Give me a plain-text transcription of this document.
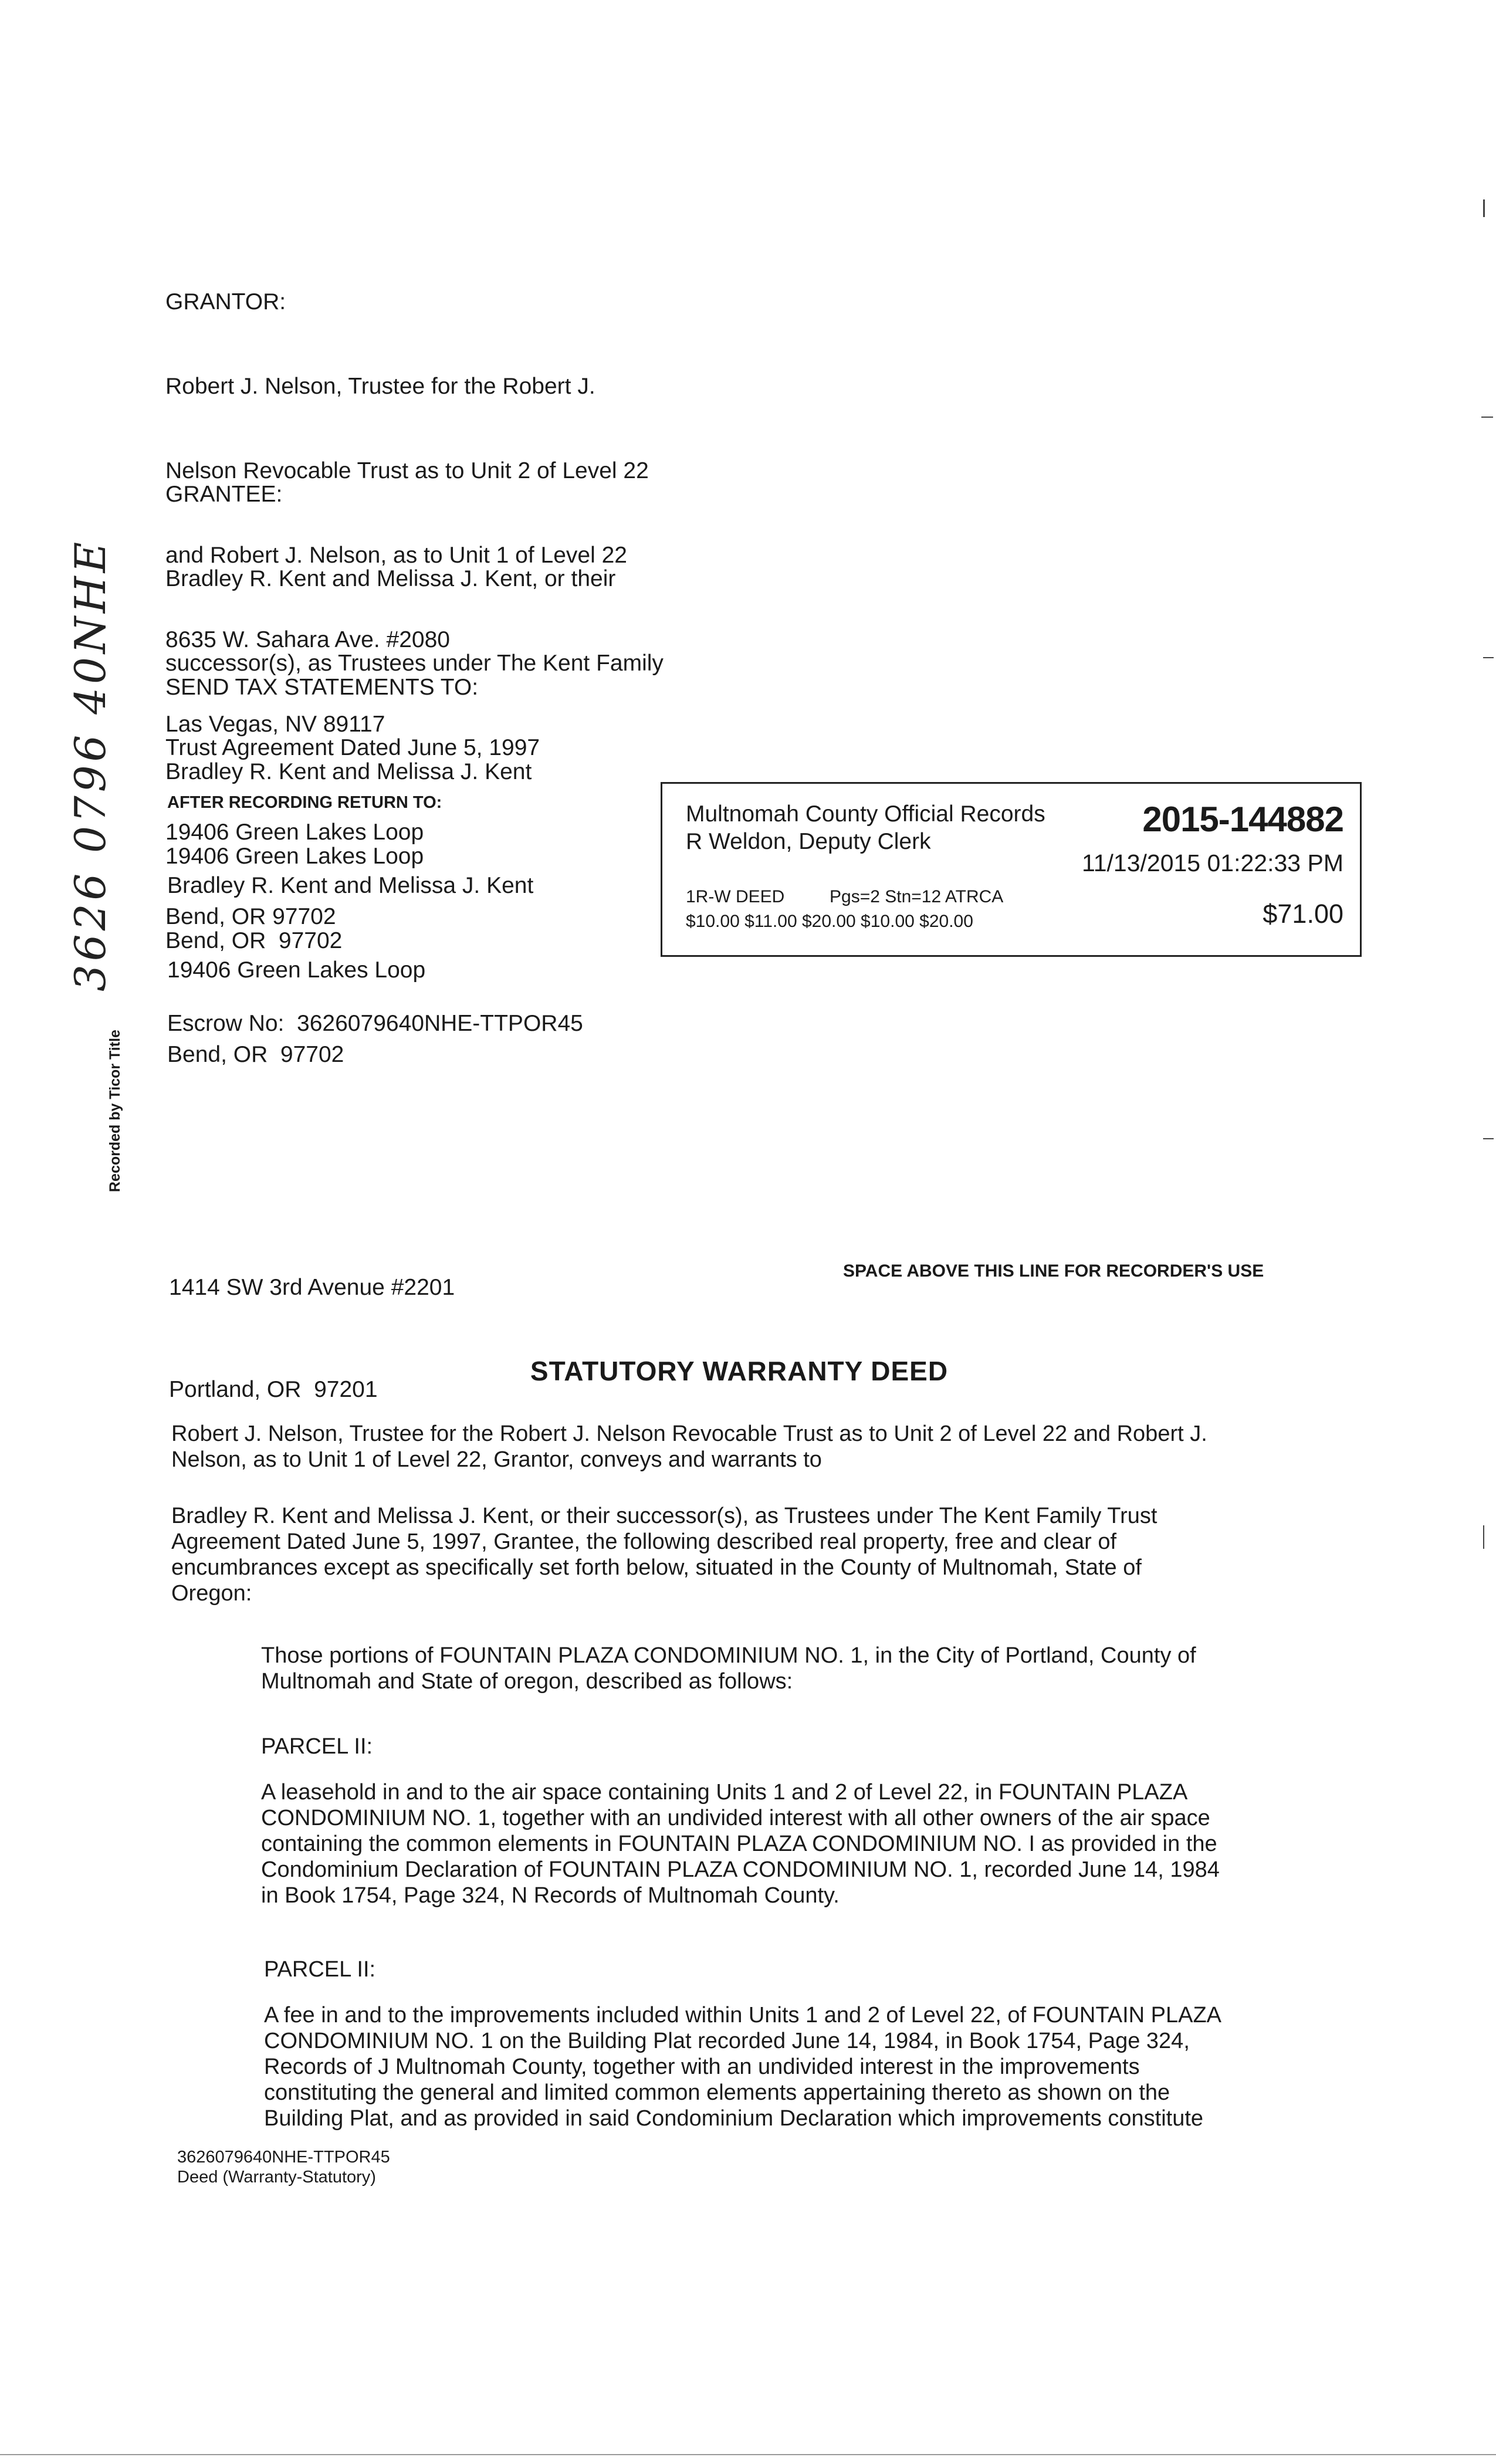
GRANTOR:

Robert J. Nelson, Trustee for the Robert J.

Nelson Revocable Trust as to Unit 2 of Level 22

and Robert J. Nelson, as to Unit 1 of Level 22

8635 W. Sahara Ave. #2080

Las Vegas, NV 89117

GRANTEE:

Bradley R. Kent and Melissa J. Kent, or their

successor(s), as Trustees under The Kent Family

Trust Agreement Dated June 5, 1997

19406 Green Lakes Loop

Bend, OR 97702

SEND TAX STATEMENTS TO:

Bradley R. Kent and Melissa J. Kent

19406 Green Lakes Loop

Bend, OR  97702

AFTER RECORDING RETURN TO:

Bradley R. Kent and Melissa J. Kent

19406 Green Lakes Loop

Bend, OR  97702

Multnomah County Official Records
R Weldon, Deputy Clerk
2015-144882
11/13/2015 01:22:33 PM
1R-W DEED	Pgs=2 Stn=12 ATRCA
$10.00 $11.00 $20.00 $10.00 $20.00	$71.00
Escrow No:  3626079640NHE-TTPOR45

1414 SW 3rd Avenue #2201

Portland, OR  97201

SPACE ABOVE THIS LINE FOR RECORDER'S USE
3626 0796 40NHE
Recorded by Ticor Title
STATUTORY WARRANTY DEED
Robert J. Nelson, Trustee for the Robert J. Nelson Revocable Trust as to Unit 2 of Level 22 and Robert J.
Nelson, as to Unit 1 of Level 22, Grantor, conveys and warrants to
Bradley R. Kent and Melissa J. Kent, or their successor(s), as Trustees under The Kent Family Trust
Agreement Dated June 5, 1997, Grantee, the following described real property, free and clear of
encumbrances except as specifically set forth below, situated in the County of Multnomah, State of
Oregon:
Those portions of FOUNTAIN PLAZA CONDOMINIUM NO. 1, in the City of Portland, County of
Multnomah and State of oregon, described as follows:
PARCEL II:
A leasehold in and to the air space containing Units 1 and 2 of Level 22, in FOUNTAIN PLAZA
CONDOMINIUM NO. 1, together with an undivided interest with all other owners of the air space
containing the common elements in FOUNTAIN PLAZA CONDOMINIUM NO. I as provided in the
Condominium Declaration of FOUNTAIN PLAZA CONDOMINIUM NO. 1, recorded June 14, 1984
in Book 1754, Page 324, N Records of Multnomah County.
PARCEL II:
A fee in and to the improvements included within Units 1 and 2 of Level 22, of FOUNTAIN PLAZA
CONDOMINIUM NO. 1 on the Building Plat recorded June 14, 1984, in Book 1754, Page 324,
Records of J Multnomah County, together with an undivided interest in the improvements
constituting the general and limited common elements appertaining thereto as shown on the
Building Plat, and as provided in said Condominium Declaration which improvements constitute
3626079640NHE-TTPOR45
Deed (Warranty-Statutory)
